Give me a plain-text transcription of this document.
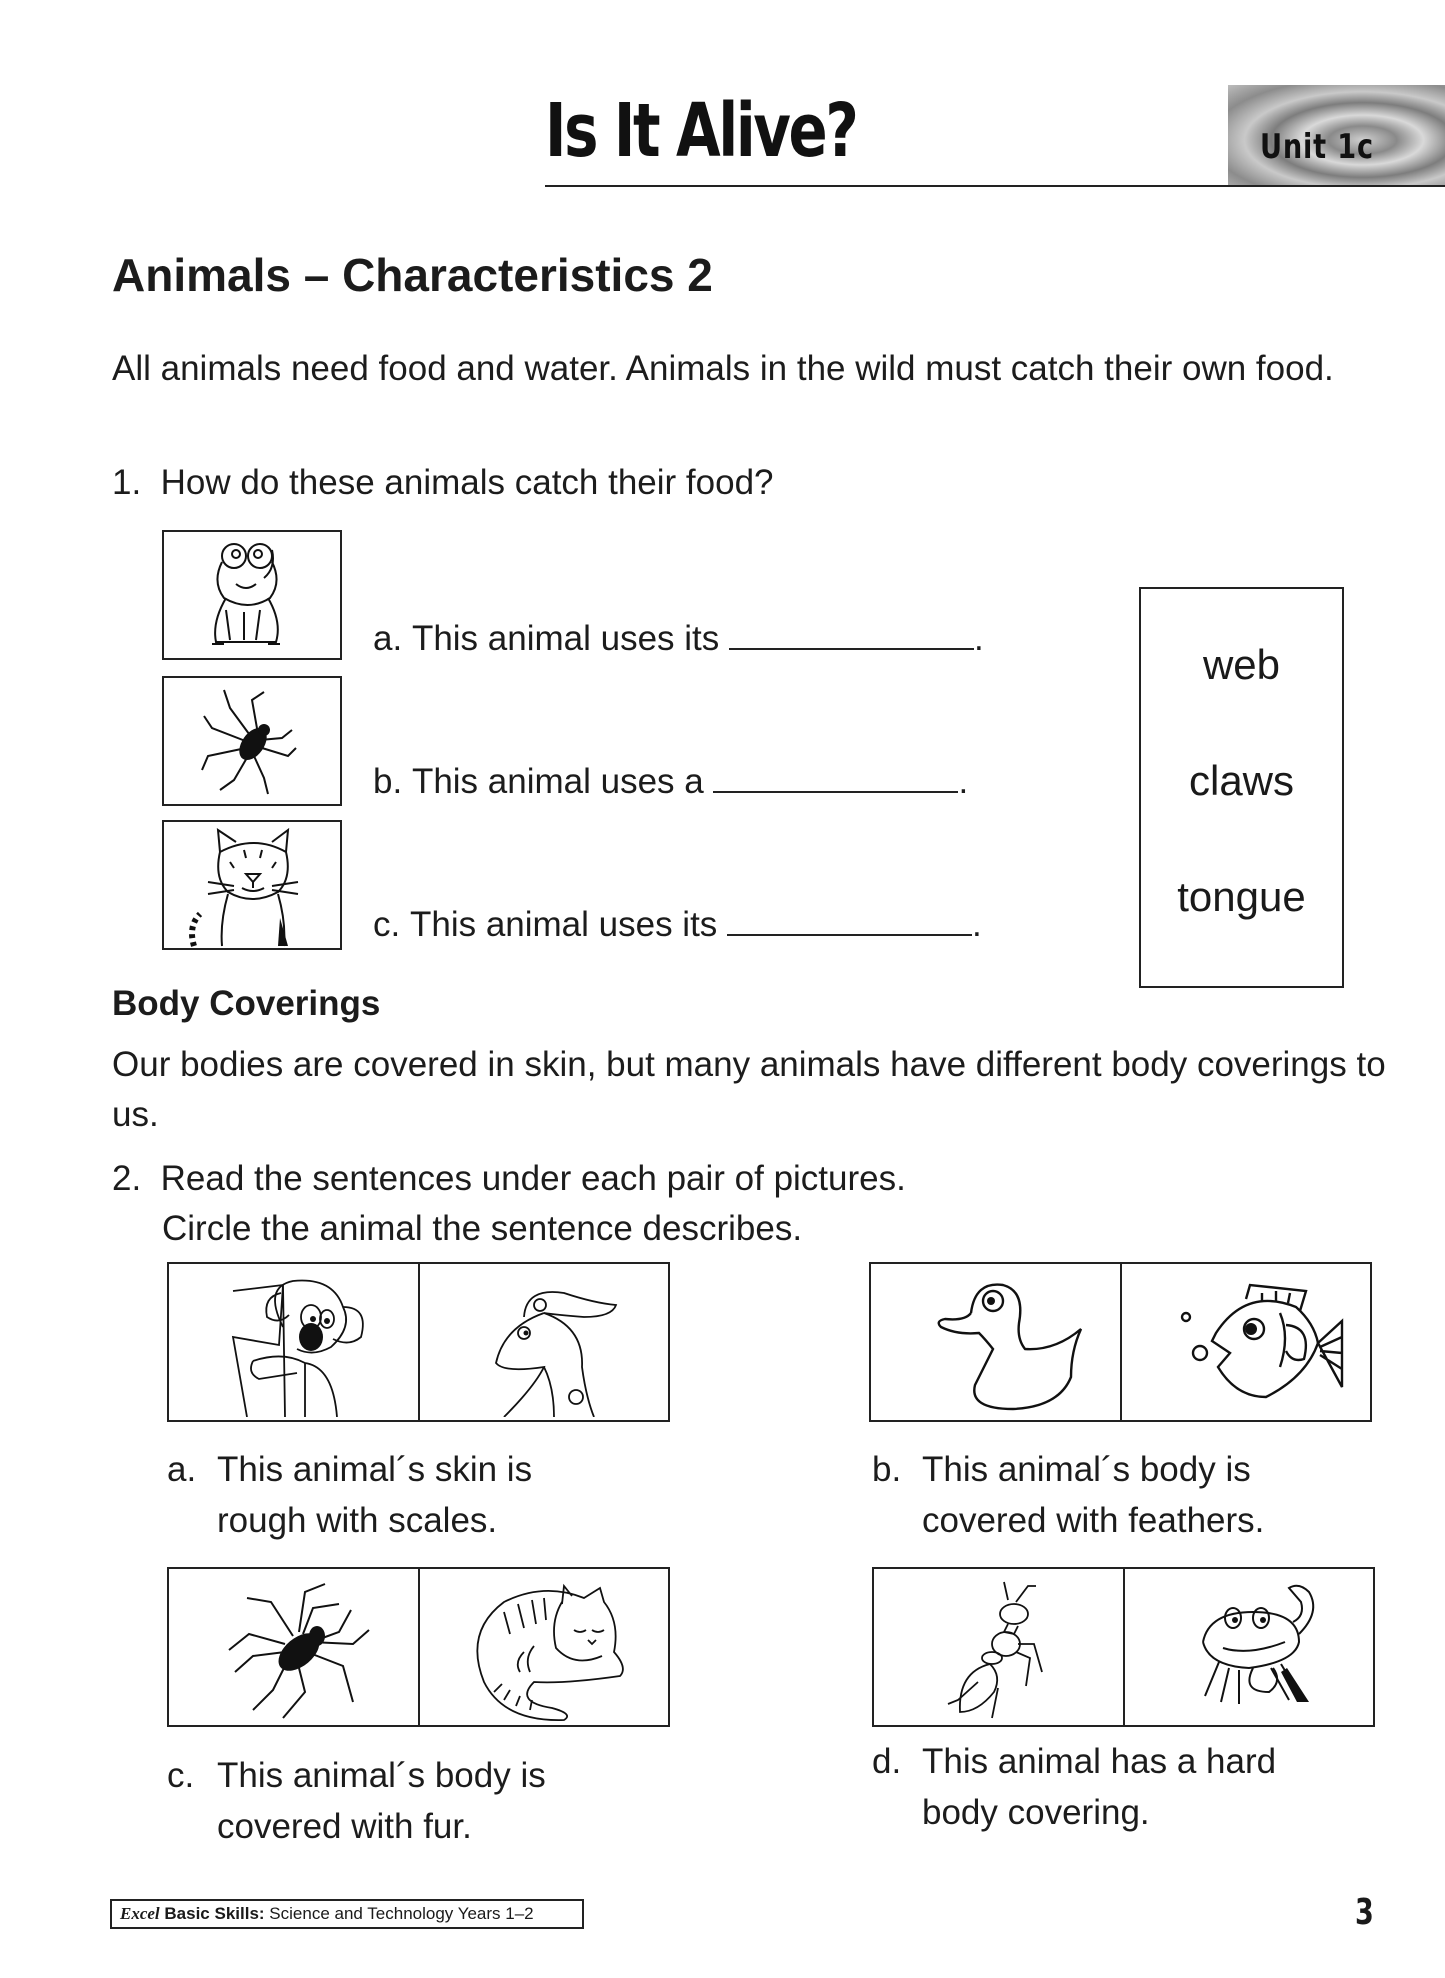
Is It Alive?	Unit 1c
Animals – Characteristics 2
All animals need food and water. Animals in the wild must catch their own food.
1. How do these animals catch their food?
a. This animal uses its	.
b. This animal uses a	.
c. This animal uses its	.
web
claws
tongue
Body Coverings
Our bodies are covered in skin, but many animals have different body coverings to us.
2. Read the sentences under each pair of pictures.
Circle the animal the sentence describes.
a. This animal´s skin is
rough with scales.
b. This animal´s body is
covered with feathers.
c. This animal´s body is
covered with fur.
d. This animal has a hard
body covering.
Excel Basic Skills: Science and Technology Years 1–2	3
